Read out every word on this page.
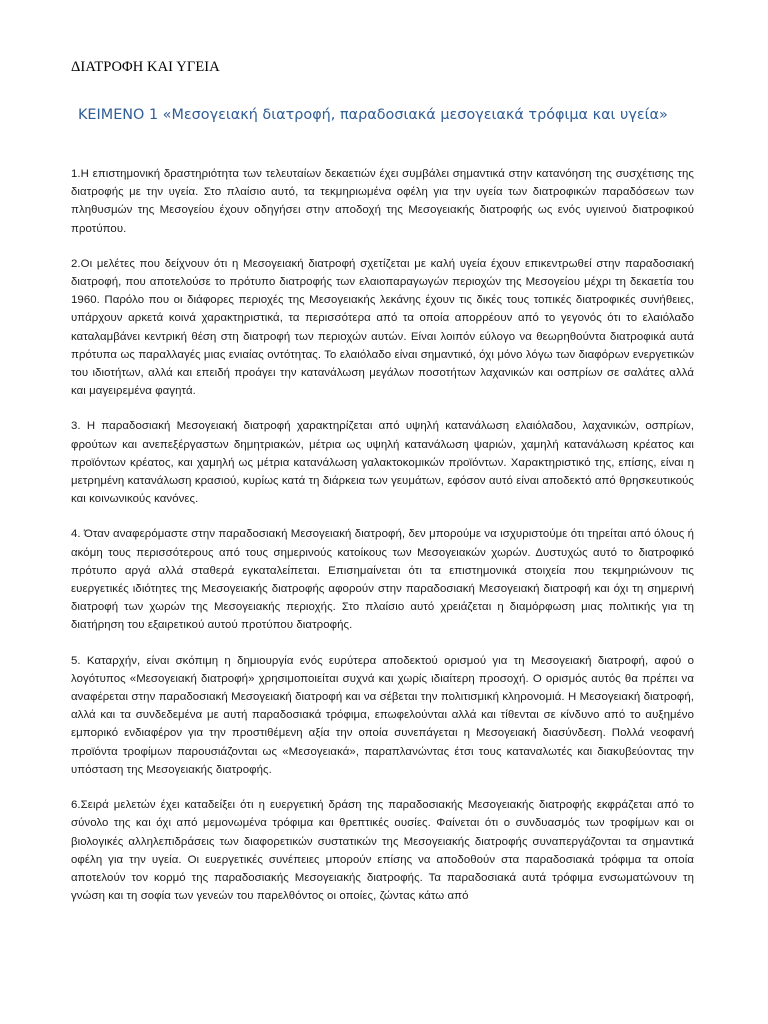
ΔΙΑΤΡΟΦΗ ΚΑΙ ΥΓΕΙΑ
ΚΕΙΜΕΝΟ 1 «Μεσογειακή διατροφή, παραδοσιακά μεσογειακά τρόφιμα και υγεία»

1.Η επιστημονική δραστηριότητα των τελευταίων δεκαετιών έχει συμβάλει σημαντικά στην κατανόηση της συσχέτισης της διατροφής με την υγεία. Στο πλαίσιο αυτό, τα τεκμηριωμένα οφέλη για την υγεία των διατροφικών παραδόσεων των πληθυσμών της Μεσογείου έχουν οδηγήσει στην αποδοχή της Μεσογειακής διατροφής ως ενός υγιεινού διατροφικού προτύπου.

2.Οι μελέτες που δείχνουν ότι η Μεσογειακή διατροφή σχετίζεται με καλή υγεία έχουν επικεντρωθεί στην παραδοσιακή διατροφή, που αποτελούσε το πρότυπο διατροφής των ελαιοπαραγωγών περιοχών της Μεσογείου μέχρι τη δεκαετία του 1960. Παρόλο που οι διάφορες περιοχές της Μεσογειακής λεκάνης έχουν τις δικές τους τοπικές διατροφικές συνήθειες, υπάρχουν αρκετά κοινά χαρακτηριστικά, τα περισσότερα από τα οποία απορρέουν από το γεγονός ότι το ελαιόλαδο καταλαμβάνει κεντρική θέση στη διατροφή των περιοχών αυτών. Είναι λοιπόν εύλογο να θεωρηθούντα διατροφικά αυτά πρότυπα ως παραλλαγές μιας ενιαίας οντότητας. Το ελαιόλαδο είναι σημαντικό, όχι μόνο λόγω των διαφόρων ενεργετικών του ιδιοτήτων, αλλά και επειδή προάγει την κατανάλωση μεγάλων ποσοτήτων λαχανικών και οσπρίων σε σαλάτες αλλά και μαγειρεμένα φαγητά.

3. Η παραδοσιακή Μεσογειακή διατροφή χαρακτηρίζεται από υψηλή κατανάλωση ελαιόλαδου, λαχανικών, οσπρίων, φρούτων και ανεπεξέργαστων δημητριακών, μέτρια ως υψηλή κατανάλωση ψαριών, χαμηλή κατανάλωση κρέατος και προϊόντων κρέατος, και χαμηλή ως μέτρια κατανάλωση γαλακτοκομικών προϊόντων. Χαρακτηριστικό της, επίσης, είναι η μετρημένη κατανάλωση κρασιού, κυρίως κατά τη διάρκεια των γευμάτων, εφόσον αυτό είναι αποδεκτό από θρησκευτικούς και κοινωνικούς κανόνες.

4. Όταν αναφερόμαστε στην παραδοσιακή Μεσογειακή διατροφή, δεν μπορούμε να ισχυριστούμε ότι τηρείται από όλους ή ακόμη τους περισσότερους από τους σημερινούς κατοίκους των Μεσογειακών χωρών. Δυστυχώς αυτό το διατροφικό πρότυπο αργά αλλά σταθερά εγκαταλείπεται. Επισημαίνεται ότι τα επιστημονικά στοιχεία που τεκμηριώνουν τις ευεργετικές ιδιότητες της Μεσογειακής διατροφής αφορούν στην παραδοσιακή Μεσογειακή διατροφή και όχι τη σημερινή διατροφή των χωρών της Μεσογειακής περιοχής. Στο πλαίσιο αυτό χρειάζεται η διαμόρφωση μιας πολιτικής για τη διατήρηση του εξαιρετικού αυτού προτύπου διατροφής.

5. Καταρχήν, είναι σκόπιμη η δημιουργία ενός ευρύτερα αποδεκτού ορισμού για τη Μεσογειακή διατροφή, αφού ο λογότυπος «Μεσογειακή διατροφή» χρησιμοποιείται συχνά και χωρίς ιδιαίτερη προσοχή. Ο ορισμός αυτός θα πρέπει να αναφέρεται στην παραδοσιακή Μεσογειακή διατροφή και να σέβεται την πολιτισμική κληρονομιά. Η Μεσογειακή διατροφή, αλλά και τα συνδεδεμένα με αυτή παραδοσιακά τρόφιμα, επωφελούνται αλλά και τίθενται σε κίνδυνο από το αυξημένο εμπορικό ενδιαφέρον για την προστιθέμενη αξία την οποία συνεπάγεται η Μεσογειακή διασύνδεση. Πολλά νεοφανή προϊόντα τροφίμων παρουσιάζονται ως «Μεσογειακά», παραπλανώντας έτσι τους καταναλωτές και διακυβεύοντας την υπόσταση της Μεσογειακής διατροφής.

6.Σειρά μελετών έχει καταδείξει ότι η ευεργετική δράση της παραδοσιακής Μεσογειακής διατροφής εκφράζεται από το σύνολο της και όχι από μεμονωμένα τρόφιμα και θρεπτικές ουσίες. Φαίνεται ότι ο συνδυασμός των τροφίμων και οι βιολογικές αλληλεπιδράσεις των διαφορετικών συστατικών της Μεσογειακής διατροφής συναπεργάζονται τα σημαντικά οφέλη για την υγεία. Οι ευεργετικές συνέπειες μπορούν επίσης να αποδοθούν στα παραδοσιακά τρόφιμα τα οποία αποτελούν τον κορμό της παραδοσιακής Μεσογειακής διατροφής. Τα παραδοσιακά αυτά τρόφιμα ενσωματώνουν τη γνώση και τη σοφία των γενεών του παρελθόντος οι οποίες, ζώντας κάτω από
